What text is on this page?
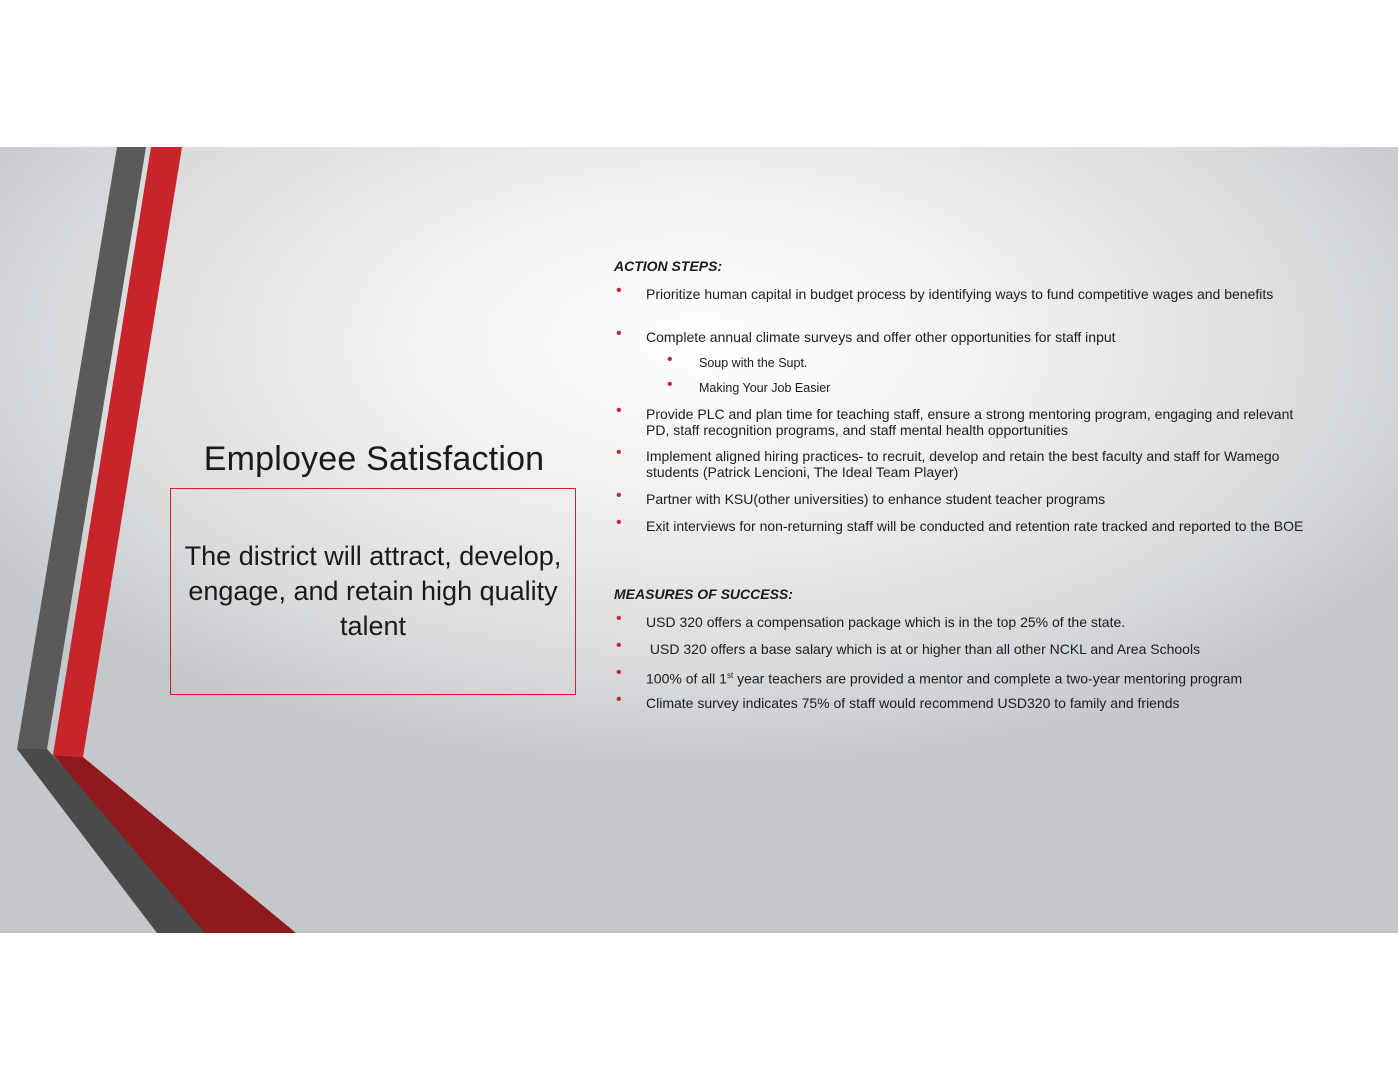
Employee Satisfaction
The district will attract, develop, engage, and retain high quality talent
ACTION STEPS:
• Prioritize human capital in budget process by identifying ways to fund competitive wages and benefits
• Complete annual climate surveys and offer other opportunities for staff input
• Soup with the Supt.
• Making Your Job Easier
• Provide PLC and plan time for teaching staff, ensure a strong mentoring program, engaging and relevant PD, staff recognition programs, and staff mental health opportunities
• Implement aligned hiring practices- to recruit, develop and retain the best faculty and staff for Wamego students (Patrick Lencioni, The Ideal Team Player)
• Partner with KSU(other universities) to enhance student teacher programs
• Exit interviews for non-returning staff will be conducted and retention rate tracked and reported to the BOE
MEASURES OF SUCCESS:
• USD 320 offers a compensation package which is in the top 25% of the state.
• USD 320 offers a base salary which is at or higher than all other NCKL and Area Schools
• 100% of all 1st year teachers are provided a mentor and complete a two-year mentoring program
• Climate survey indicates 75% of staff would recommend USD320 to family and friends
